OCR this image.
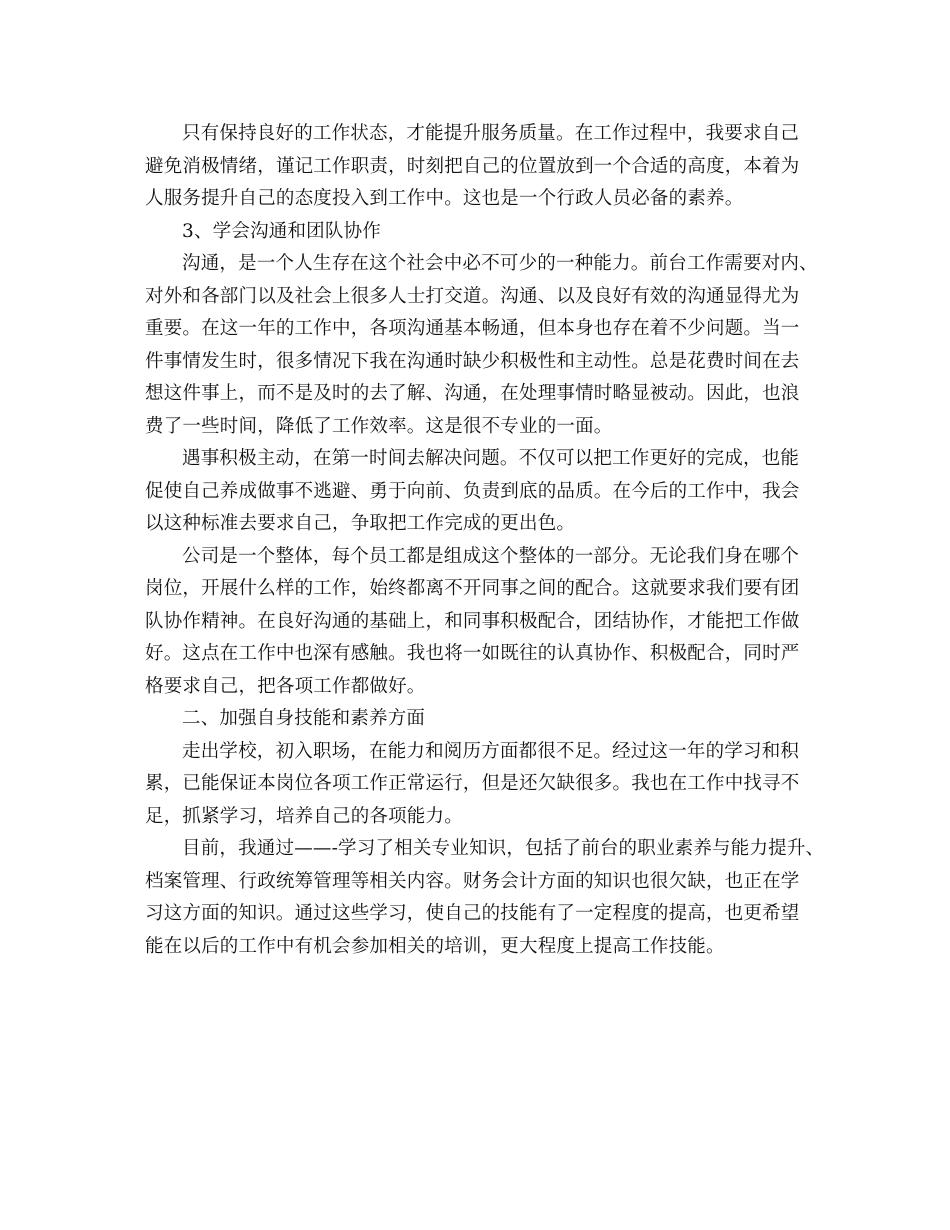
只有保持良好的工作状态，才能提升服务质量。在工作过程中，我要求自己
避免消极情绪，谨记工作职责，时刻把自己的位置放到一个合适的高度，本着为
人服务提升自己的态度投入到工作中。这也是一个行政人员必备的素养。
3、学会沟通和团队协作
沟通，是一个人生存在这个社会中必不可少的一种能力。前台工作需要对内、
对外和各部门以及社会上很多人士打交道。沟通、以及良好有效的沟通显得尤为
重要。在这一年的工作中，各项沟通基本畅通，但本身也存在着不少问题。当一
件事情发生时，很多情况下我在沟通时缺少积极性和主动性。总是花费时间在去
想这件事上，而不是及时的去了解、沟通，在处理事情时略显被动。因此，也浪
费了一些时间，降低了工作效率。这是很不专业的一面。
遇事积极主动，在第一时间去解决问题。不仅可以把工作更好的完成，也能
促使自己养成做事不逃避、勇于向前、负责到底的品质。在今后的工作中，我会
以这种标准去要求自己，争取把工作完成的更出色。
公司是一个整体，每个员工都是组成这个整体的一部分。无论我们身在哪个
岗位，开展什么样的工作，始终都离不开同事之间的配合。这就要求我们要有团
队协作精神。在良好沟通的基础上，和同事积极配合，团结协作，才能把工作做
好。这点在工作中也深有感触。我也将一如既往的认真协作、积极配合，同时严
格要求自己，把各项工作都做好。
二、加强自身技能和素养方面
走出学校，初入职场，在能力和阅历方面都很不足。经过这一年的学习和积
累，已能保证本岗位各项工作正常运行，但是还欠缺很多。我也在工作中找寻不
足，抓紧学习，培养自己的各项能力。
目前，我通过——-学习了相关专业知识，包括了前台的职业素养与能力提升、
档案管理、行政统筹管理等相关内容。财务会计方面的知识也很欠缺，也正在学
习这方面的知识。通过这些学习，使自己的技能有了一定程度的提高，也更希望
能在以后的工作中有机会参加相关的培训，更大程度上提高工作技能。
